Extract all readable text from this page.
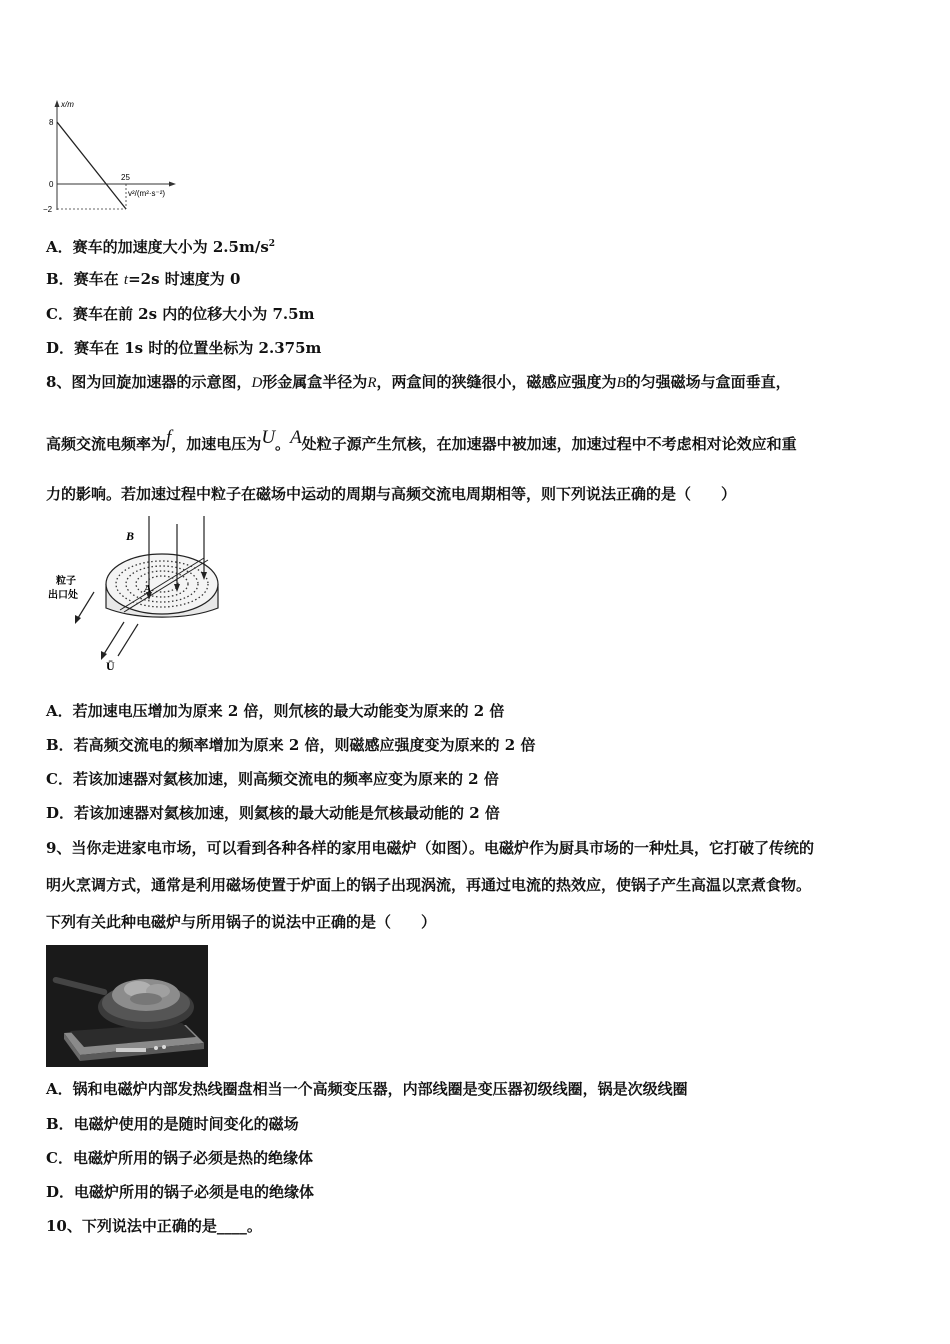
x/m
8
0
−2
25
v²/(m²·s⁻²)
A．赛车的加速度大小为 $2.5m/s^2$
B．赛车在 t=2s 时速度为 0
C．赛车在前 2s 内的位移大小为 7.5m
D．赛车在 1s 时的位置坐标为 2.375m
8、图为回旋加速器的示意图，D形金属盒半径为R，两盒间的狭缝很小，磁感应强度为B的匀强磁场与盒面垂直，
高频交流电频率为f，加速电压为U。A处粒子源产生氘核，在加速器中被加速，加速过程中不考虑相对论效应和重
力的影响。若加速过程中粒子在磁场中运动的周期与高频交流电周期相等，则下列说法正确的是（　　）
B
A
粒子
出口处
Ū
A．若加速电压增加为原来 2 倍，则氘核的最大动能变为原来的 2 倍
B．若高频交流电的频率增加为原来 2 倍，则磁感应强度变为原来的 2 倍
C．若该加速器对氦核加速，则高频交流电的频率应变为原来的 2 倍
D．若该加速器对氦核加速，则氦核的最大动能是氘核最动能的 2 倍
9、当你走进家电市场，可以看到各种各样的家用电磁炉（如图）。电磁炉作为厨具市场的一种灶具，它打破了传统的
明火烹调方式，通常是利用磁场使置于炉面上的锅子出现涡流，再通过电流的热效应，使锅子产生高温以烹煮食物。
下列有关此种电磁炉与所用锅子的说法中正确的是（　　）
A．锅和电磁炉内部发热线圈盘相当一个高频变压器，内部线圈是变压器初级线圈，锅是次级线圈
B．电磁炉使用的是随时间变化的磁场
C．电磁炉所用的锅子必须是热的绝缘体
D．电磁炉所用的锅子必须是电的绝缘体
10、下列说法中正确的是____。
